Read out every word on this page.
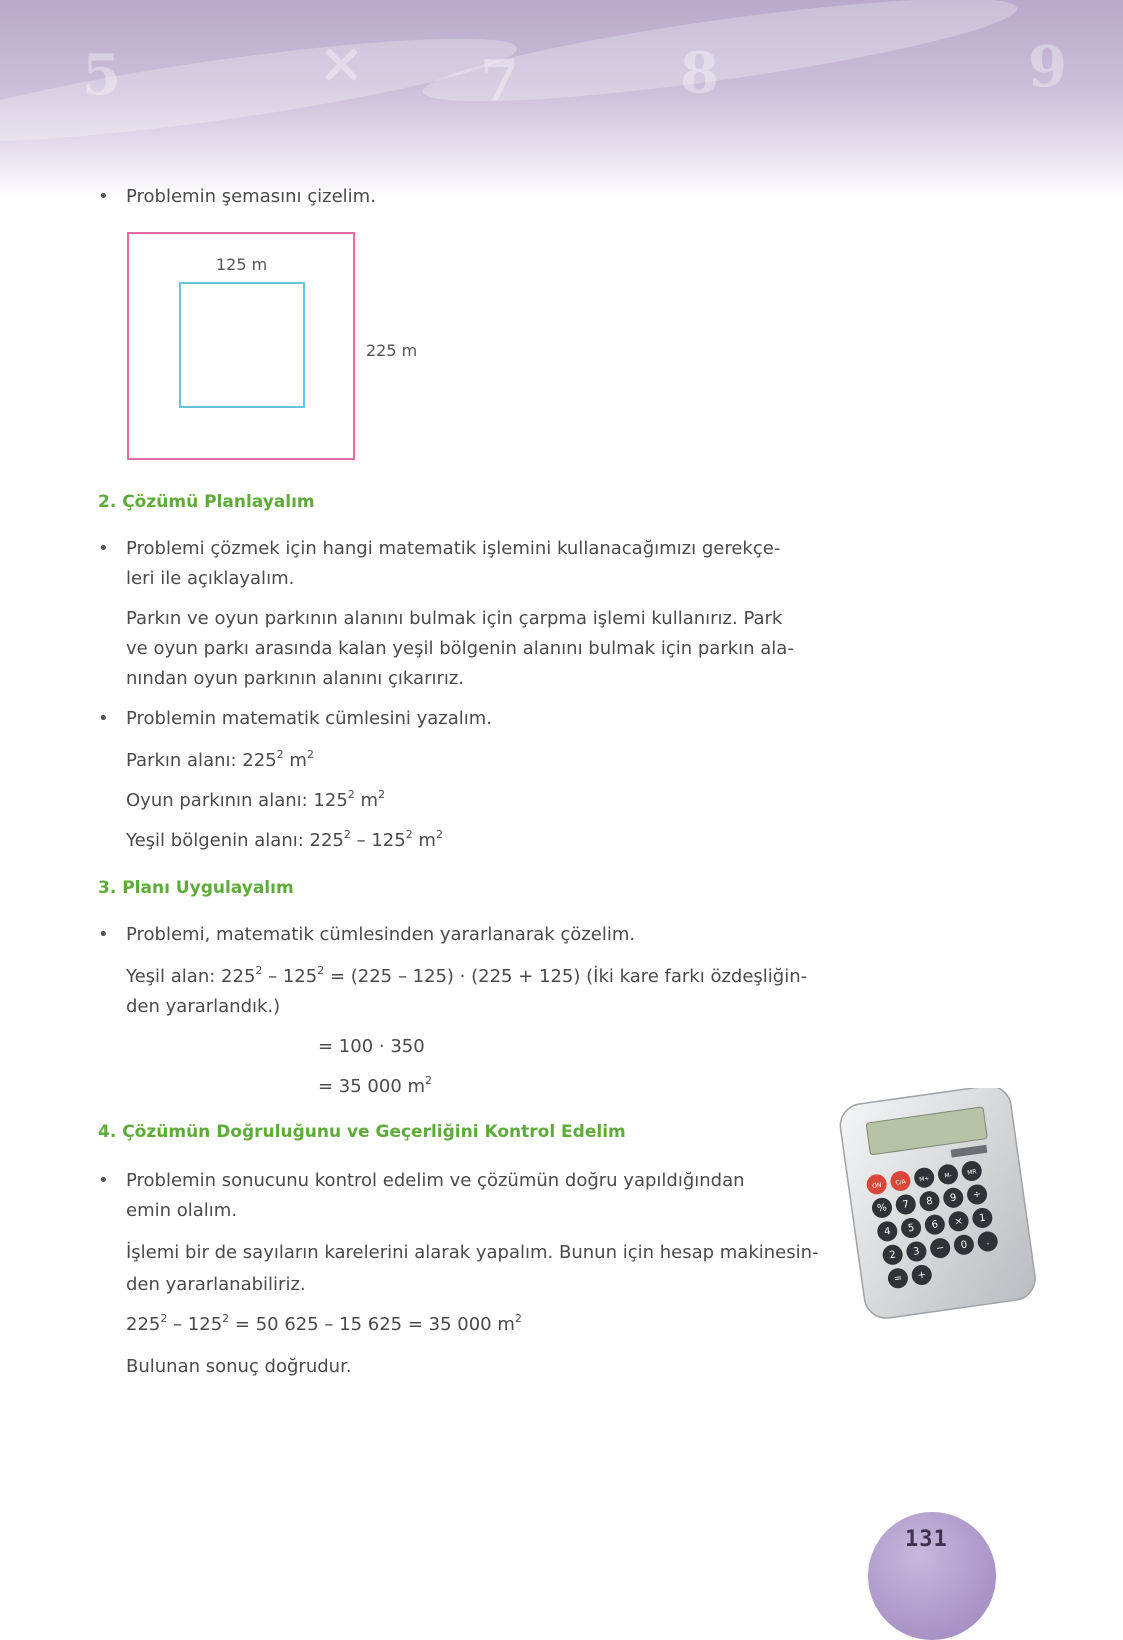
5	× 7	8	9

• Problemin şemasını çizelim.

125 m
225 m
2. Çözümü Planlayalım

• Problemi çözmek için hangi matematik işlemini kullanacağımızı gerekçe-

leri ile açıklayalım.

Parkın ve oyun parkının alanını bulmak için çarpma işlemi kullanırız. Park

ve oyun parkı arasında kalan yeşil bölgenin alanını bulmak için parkın ala-

nından oyun parkının alanını çıkarırız.

• Problemin matematik cümlesini yazalım.

Parkın alanı: $225^2$ $m^2$

Oyun parkının alanı: $125^2$ $m^2$

Yeşil bölgenin alanı: $225^2 - 125^2$ $m^2$

3. Planı Uygulayalım

• Problemi, matematik cümlesinden yararlanarak çözelim.

Yeşil alan: $225^2 - 125^2 = (225 - 125) \cdot (225 + 125)$ (İki kare farkı özdeşliğin-

den yararlandık.)

= 100 · 350

= 35 000 $m^2$

4. Çözümün Doğruluğunu ve Geçerliğini Kontrol Edelim

• Problemin sonucunu kontrol edelim ve çözümün doğru yapıldığından

emin olalım.

İşlemi bir de sayıların karelerini alarak yapalım. Bunun için hesap makinesin-

den yararlanabiliriz.

$225^2 - 125^2 = 50$ 625 – 15 625 = 35 000 $m^2$

Bulunan sonuç doğrudur.

ON C/A M+ M- MR
% 7 8 9 ÷
4 5 6 × 1
2 3 − 0 .
= +
131
